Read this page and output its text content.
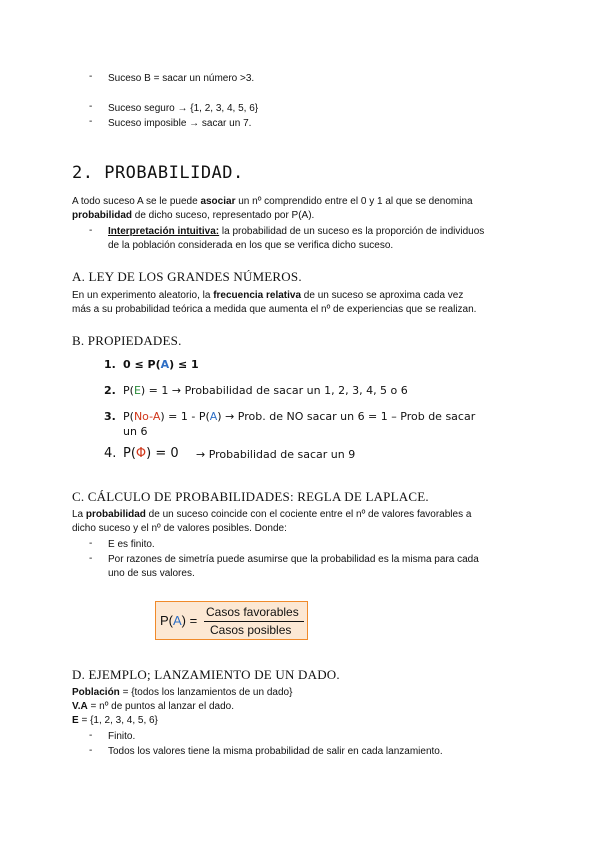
- Suceso B = sacar un número >3.
- Suceso seguro → {1, 2, 3, 4, 5, 6}
- Suceso imposible → sacar un 7.
2. PROBABILIDAD.
A todo suceso A se le puede asociar un nº comprendido entre el 0 y 1 al que se denomina
probabilidad de dicho suceso, representado por P(A).
- Interpretación intuitiva: la probabilidad de un suceso es la proporción de individuos
de la población considerada en los que se verifica dicho suceso.
A. LEY DE LOS GRANDES NÚMEROS.
En un experimento aleatorio, la frecuencia relativa de un suceso se aproxima cada vez
más a su probabilidad teórica a medida que aumenta el nº de experiencias que se realizan.
B. PROPIEDADES.
1. 0 ≤ P(A) ≤ 1
2. P(E) = 1 → Probabilidad de sacar un 1, 2, 3, 4, 5 o 6
3. P(No-A) = 1 - P(A) → Prob. de NO sacar un 6 = 1 – Prob de sacar
un 6
4. P(Φ) = 0 → Probabilidad de sacar un 9
C. CÁLCULO DE PROBABILIDADES: REGLA DE LAPLACE.
La probabilidad de un suceso coincide con el cociente entre el nº de valores favorables a
dicho suceso y el nº de valores posibles. Donde:
- E es finito.
- Por razones de simetría puede asumirse que la probabilidad es la misma para cada
uno de sus valores.
P(A) =
Casos favorables
Casos posibles
D. EJEMPLO; LANZAMIENTO DE UN DADO.
Población = {todos los lanzamientos de un dado}
V.A = nº de puntos al lanzar el dado.
E = {1, 2, 3, 4, 5, 6}
- Finito.
- Todos los valores tiene la misma probabilidad de salir en cada lanzamiento.
